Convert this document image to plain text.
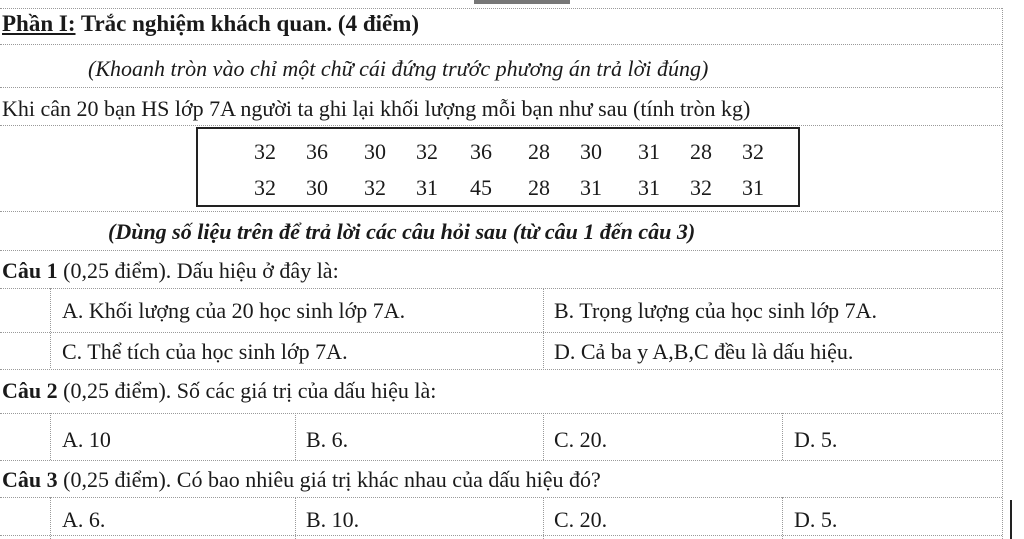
Phần I: Trắc nghiệm khách quan. (4 điểm)
(Khoanh tròn vào chỉ một chữ cái đứng trước phương án trả lời đúng)
Khi cân 20 bạn HS lớp 7A người ta ghi lại khối lượng mỗi bạn như sau (tính tròn kg)
32	36	30	32	36	28	30	31	28	32
32	30	32	31	45	28	31	31	32	31
(Dùng số liệu trên để trả lời các câu hỏi sau (từ câu 1 đến câu 3)
Câu 1 (0,25 điểm). Dấu hiệu ở đây là:
A. Khối lượng của 20 học sinh lớp 7A.	B. Trọng lượng của học sinh lớp 7A.
C. Thể tích của học sinh lớp 7A.	D. Cả ba y A,B,C đều là dấu hiệu.
Câu 2 (0,25 điểm). Số các giá trị của dấu hiệu là:
A. 10	B. 6.	C. 20.	D. 5.
Câu 3 (0,25 điểm). Có bao nhiêu giá trị khác nhau của dấu hiệu đó?
A. 6.	B. 10.	C. 20.	D. 5.
